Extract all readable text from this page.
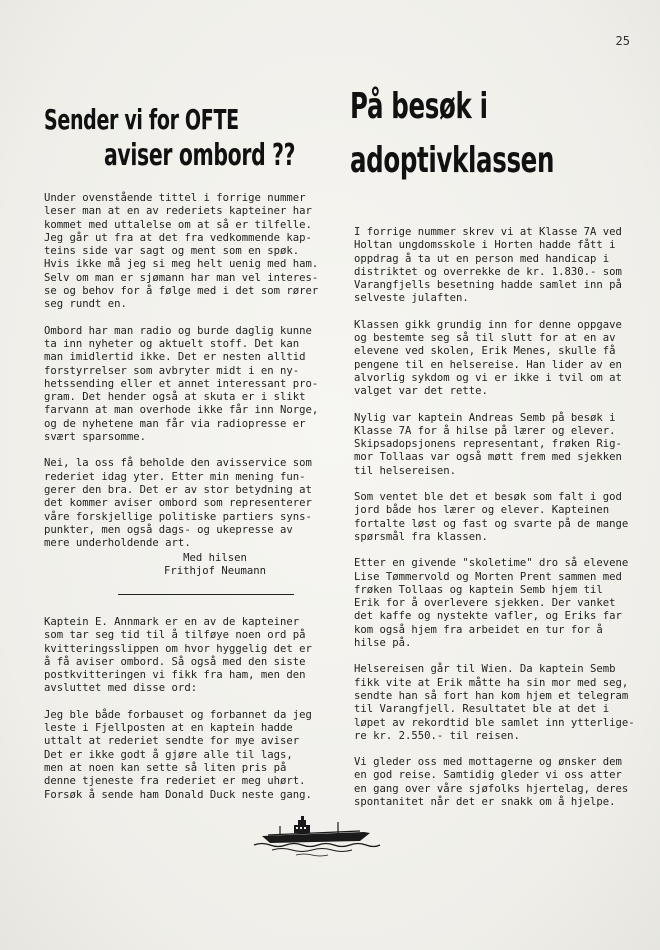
25
Sender vi for OFTE
aviser ombord ??

Under ovenstående tittel i forrige nummer
leser man at en av rederiets kapteiner har
kommet med uttalelse om at så er tilfelle.
Jeg går ut fra at det fra vedkommende kap-
teins side var sagt og ment som en spøk.
Hvis ikke må jeg si meg helt uenig med ham.
Selv om man er sjømann har man vel interes-
se og behov for å følge med i det som rører
seg rundt en.

Ombord har man radio og burde daglig kunne
ta inn nyheter og aktuelt stoff. Det kan
man imidlertid ikke. Det er nesten alltid
forstyrrelser som avbryter midt i en ny-
hetssending eller et annet interessant pro-
gram. Det hender også at skuta er i slikt
farvann at man overhode ikke får inn Norge,
og de nyhetene man får via radiopresse er
svært sparsomme.

Nei, la oss få beholde den avisservice som
rederiet idag yter. Etter min mening fun-
gerer den bra. Det er av stor betydning at
det kommer aviser ombord som representerer
våre forskjellige politiske partiers syns-
punkter, men også dags- og ukepresse av
mere underholdende art.

Med hilsen
Frithjof Neumann

Kaptein E. Annmark er en av de kapteiner
som tar seg tid til å tilføye noen ord på
kvitteringsslippen om hvor hyggelig det er
å få aviser ombord. Så også med den siste
postkvitteringen vi fikk fra ham, men den
avsluttet med disse ord:

Jeg ble både forbauset og forbannet da jeg
leste i Fjellposten at en kaptein hadde
uttalt at rederiet sendte for mye aviser
Det er ikke godt å gjøre alle til lags,
men at noen kan sette så liten pris på
denne tjeneste fra rederiet er meg uhørt.
Forsøk å sende ham Donald Duck neste gang.

På besøk i
adoptivklassen

I forrige nummer skrev vi at Klasse 7A ved
Holtan ungdomsskole i Horten hadde fått i
oppdrag å ta ut en person med handicap i
distriktet og overrekke de kr. 1.830.- som
Varangfjells besetning hadde samlet inn på
selveste julaften.

Klassen gikk grundig inn for denne oppgave
og bestemte seg så til slutt for at en av
elevene ved skolen, Erik Menes, skulle få
pengene til en helsereise. Han lider av en
alvorlig sykdom og vi er ikke i tvil om at
valget var det rette.

Nylig var kaptein Andreas Semb på besøk i
Klasse 7A for å hilse på lærer og elever.
Skipsadopsjonens representant, frøken Rig-
mor Tollaas var også møtt frem med sjekken
til helsereisen.

Som ventet ble det et besøk som falt i god
jord både hos lærer og elever. Kapteinen
fortalte løst og fast og svarte på de mange
spørsmål fra klassen.

Etter en givende "skoletime" dro så elevene
Lise Tømmervold og Morten Prent sammen med
frøken Tollaas og kaptein Semb hjem til
Erik for å overlevere sjekken. Der vanket
det kaffe og nystekte vafler, og Eriks far
kom også hjem fra arbeidet en tur for å
hilse på.

Helsereisen går til Wien. Da kaptein Semb
fikk vite at Erik måtte ha sin mor med seg,
sendte han så fort han kom hjem et telegram
til Varangfjell. Resultatet ble at det i
løpet av rekordtid ble samlet inn ytterlige-
re kr. 2.550.- til reisen.

Vi gleder oss med mottagerne og ønsker dem
en god reise. Samtidig gleder vi oss atter
en gang over våre sjøfolks hjertelag, deres
spontanitet når det er snakk om å hjelpe.
